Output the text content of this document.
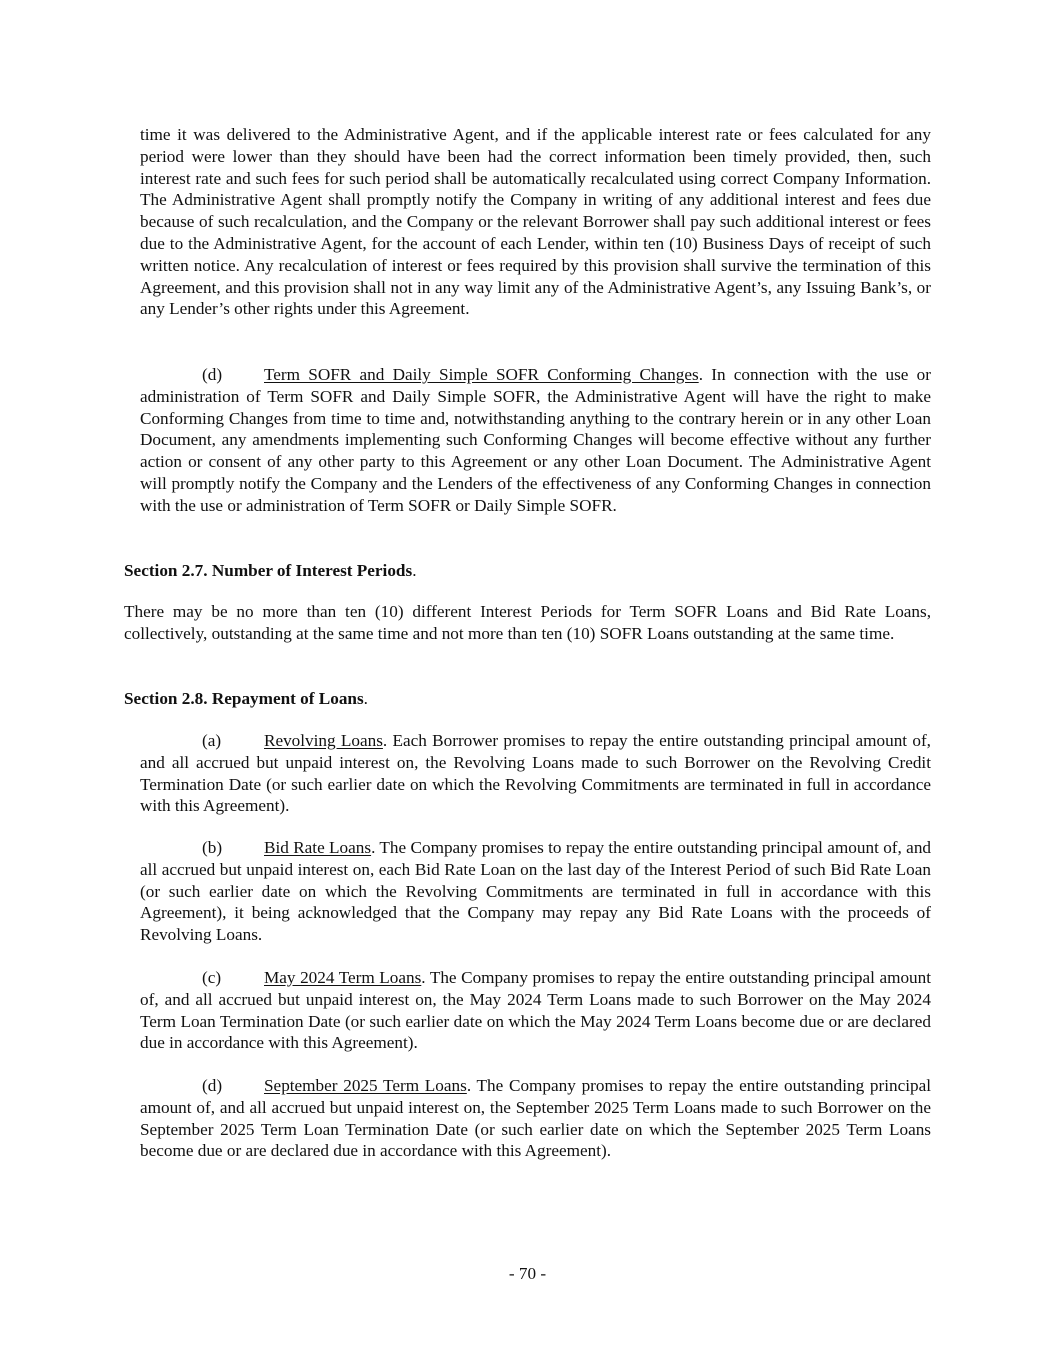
time it was delivered to the Administrative Agent, and if the applicable interest rate or fees calculated for any period were lower than they should have been had the correct information been timely provided, then, such interest rate and such fees for such period shall be automatically recalculated using correct Company Information. The Administrative Agent shall promptly notify the Company in writing of any additional interest and fees due because of such recalculation, and the Company or the relevant Borrower shall pay such additional interest or fees due to the Administrative Agent, for the account of each Lender, within ten (10) Business Days of receipt of such written notice. Any recalculation of interest or fees required by this provision shall survive the termination of this Agreement, and this provision shall not in any way limit any of the Administrative Agent’s, any Issuing Bank’s, or any Lender’s other rights under this Agreement.

(d) Term SOFR and Daily Simple SOFR Conforming Changes. In connection with the use or administration of Term SOFR and Daily Simple SOFR, the Administrative Agent will have the right to make Conforming Changes from time to time and, notwithstanding anything to the contrary herein or in any other Loan Document, any amendments implementing such Conforming Changes will become effective without any further action or consent of any other party to this Agreement or any other Loan Document. The Administrative Agent will promptly notify the Company and the Lenders of the effectiveness of any Conforming Changes in connection with the use or administration of Term SOFR or Daily Simple SOFR.

Section 2.7. Number of Interest Periods.

There may be no more than ten (10) different Interest Periods for Term SOFR Loans and Bid Rate Loans, collectively, outstanding at the same time and not more than ten (10) SOFR Loans outstanding at the same time.

Section 2.8. Repayment of Loans.

(a) Revolving Loans. Each Borrower promises to repay the entire outstanding principal amount of, and all accrued but unpaid interest on, the Revolving Loans made to such Borrower on the Revolving Credit Termination Date (or such earlier date on which the Revolving Commitments are terminated in full in accordance with this Agreement).

(b) Bid Rate Loans. The Company promises to repay the entire outstanding principal amount of, and all accrued but unpaid interest on, each Bid Rate Loan on the last day of the Interest Period of such Bid Rate Loan (or such earlier date on which the Revolving Commitments are terminated in full in accordance with this Agreement), it being acknowledged that the Company may repay any Bid Rate Loans with the proceeds of Revolving Loans.

(c) May 2024 Term Loans. The Company promises to repay the entire outstanding principal amount of, and all accrued but unpaid interest on, the May 2024 Term Loans made to such Borrower on the May 2024 Term Loan Termination Date (or such earlier date on which the May 2024 Term Loans become due or are declared due in accordance with this Agreement).

(d) September 2025 Term Loans. The Company promises to repay the entire outstanding principal amount of, and all accrued but unpaid interest on, the September 2025 Term Loans made to such Borrower on the September 2025 Term Loan Termination Date (or such earlier date on which the September 2025 Term Loans become due or are declared due in accordance with this Agreement).

- 70 -
